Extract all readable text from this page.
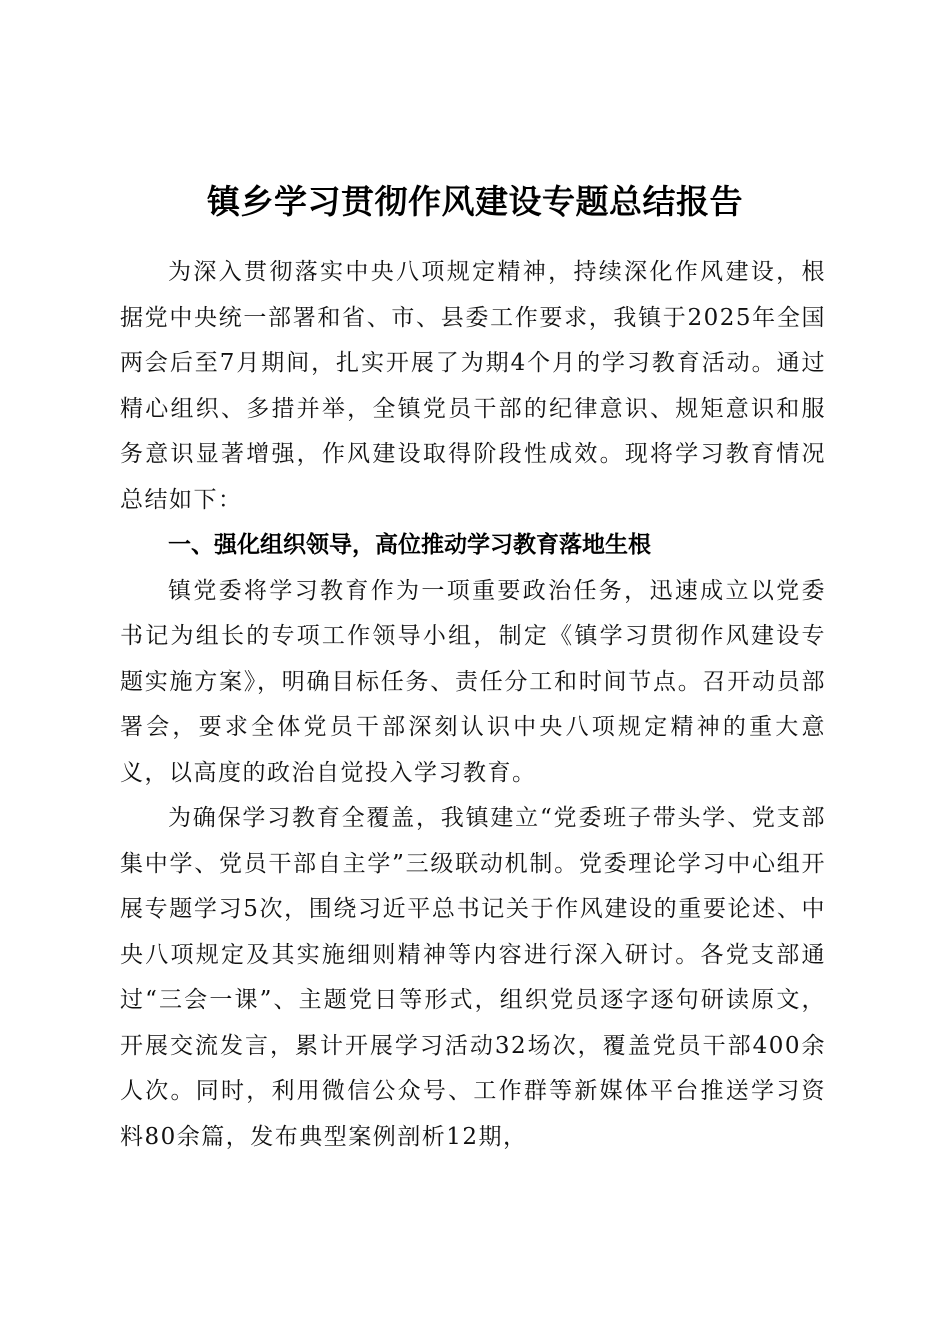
镇乡学习贯彻作风建设专题总结报告

为深入贯彻落实中央八项规定精神，持续深化作风建设，根据党中央统一部署和省、市、县委工作要求，我镇于2025年全国两会后至7月期间，扎实开展了为期4个月的学习教育活动。通过精心组织、多措并举，全镇党员干部的纪律意识、规矩意识和服务意识显著增强，作风建设取得阶段性成效。现将学习教育情况总结如下：

一、强化组织领导，高位推动学习教育落地生根

镇党委将学习教育作为一项重要政治任务，迅速成立以党委书记为组长的专项工作领导小组，制定《镇学习贯彻作风建设专题实施方案》，明确目标任务、责任分工和时间节点。召开动员部署会，要求全体党员干部深刻认识中央八项规定精神的重大意义，以高度的政治自觉投入学习教育。

为确保学习教育全覆盖，我镇建立“党委班子带头学、党支部集中学、党员干部自主学”三级联动机制。党委理论学习中心组开展专题学习5次，围绕习近平总书记关于作风建设的重要论述、中央八项规定及其实施细则精神等内容进行深入研讨。各党支部通过“三会一课”、主题党日等形式，组织党员逐字逐句研读原文，开展交流发言，累计开展学习活动32场次，覆盖党员干部400余人次。同时，利用微信公众号、工作群等新媒体平台推送学习资料80余篇，发布典型案例剖析12期，
